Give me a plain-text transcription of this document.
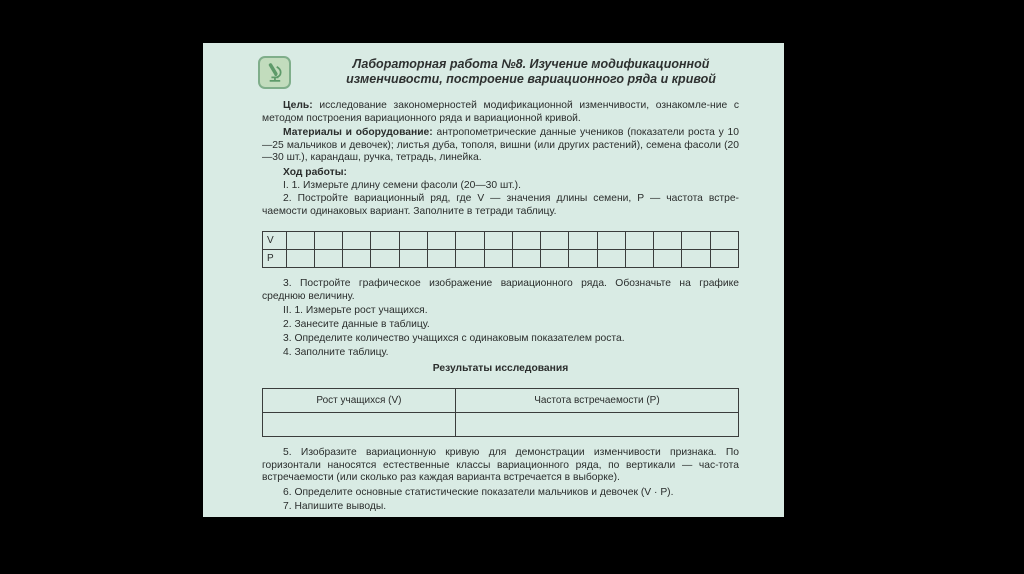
Лабораторная работа №8. Изучение модификационной
изменчивости, построение вариационного ряда и кривой
Цель: исследование закономерностей модификационной изменчивости, ознакомле-ние с методом построения вариационного ряда и вариационной кривой.
Материалы и оборудование: антропометрические данные учеников (показатели роста у 10—25 мальчиков и девочек); листья дуба, тополя, вишни (или других растений), семена фасоли (20—30 шт.), карандаш, ручка, тетрадь, линейка.
Ход работы:
I. 1. Измерьте длину семени фасоли (20—30 шт.).
2. Постройте вариационный ряд, где V — значения длины семени, P — частота встре-чаемости одинаковых вариант. Заполните в тетради таблицу.
V																
P																
3. Постройте графическое изображение вариационного ряда. Обозначьте на графике среднюю величину.
II. 1. Измерьте рост учащихся.
2. Занесите данные в таблицу.
3. Определите количество учащихся с одинаковым показателем роста.
4. Заполните таблицу.
Результаты исследования
Рост учащихся (V)	Частота встречаемости (P)

5. Изобразите вариационную кривую для демонстрации изменчивости признака. По горизонтали наносятся естественные классы вариационного ряда, по вертикали — час-тота встречаемости (или сколько раз каждая варианта встречается в выборке).
6. Определите основные статистические показатели мальчиков и девочек (V · P).
7. Напишите выводы.
